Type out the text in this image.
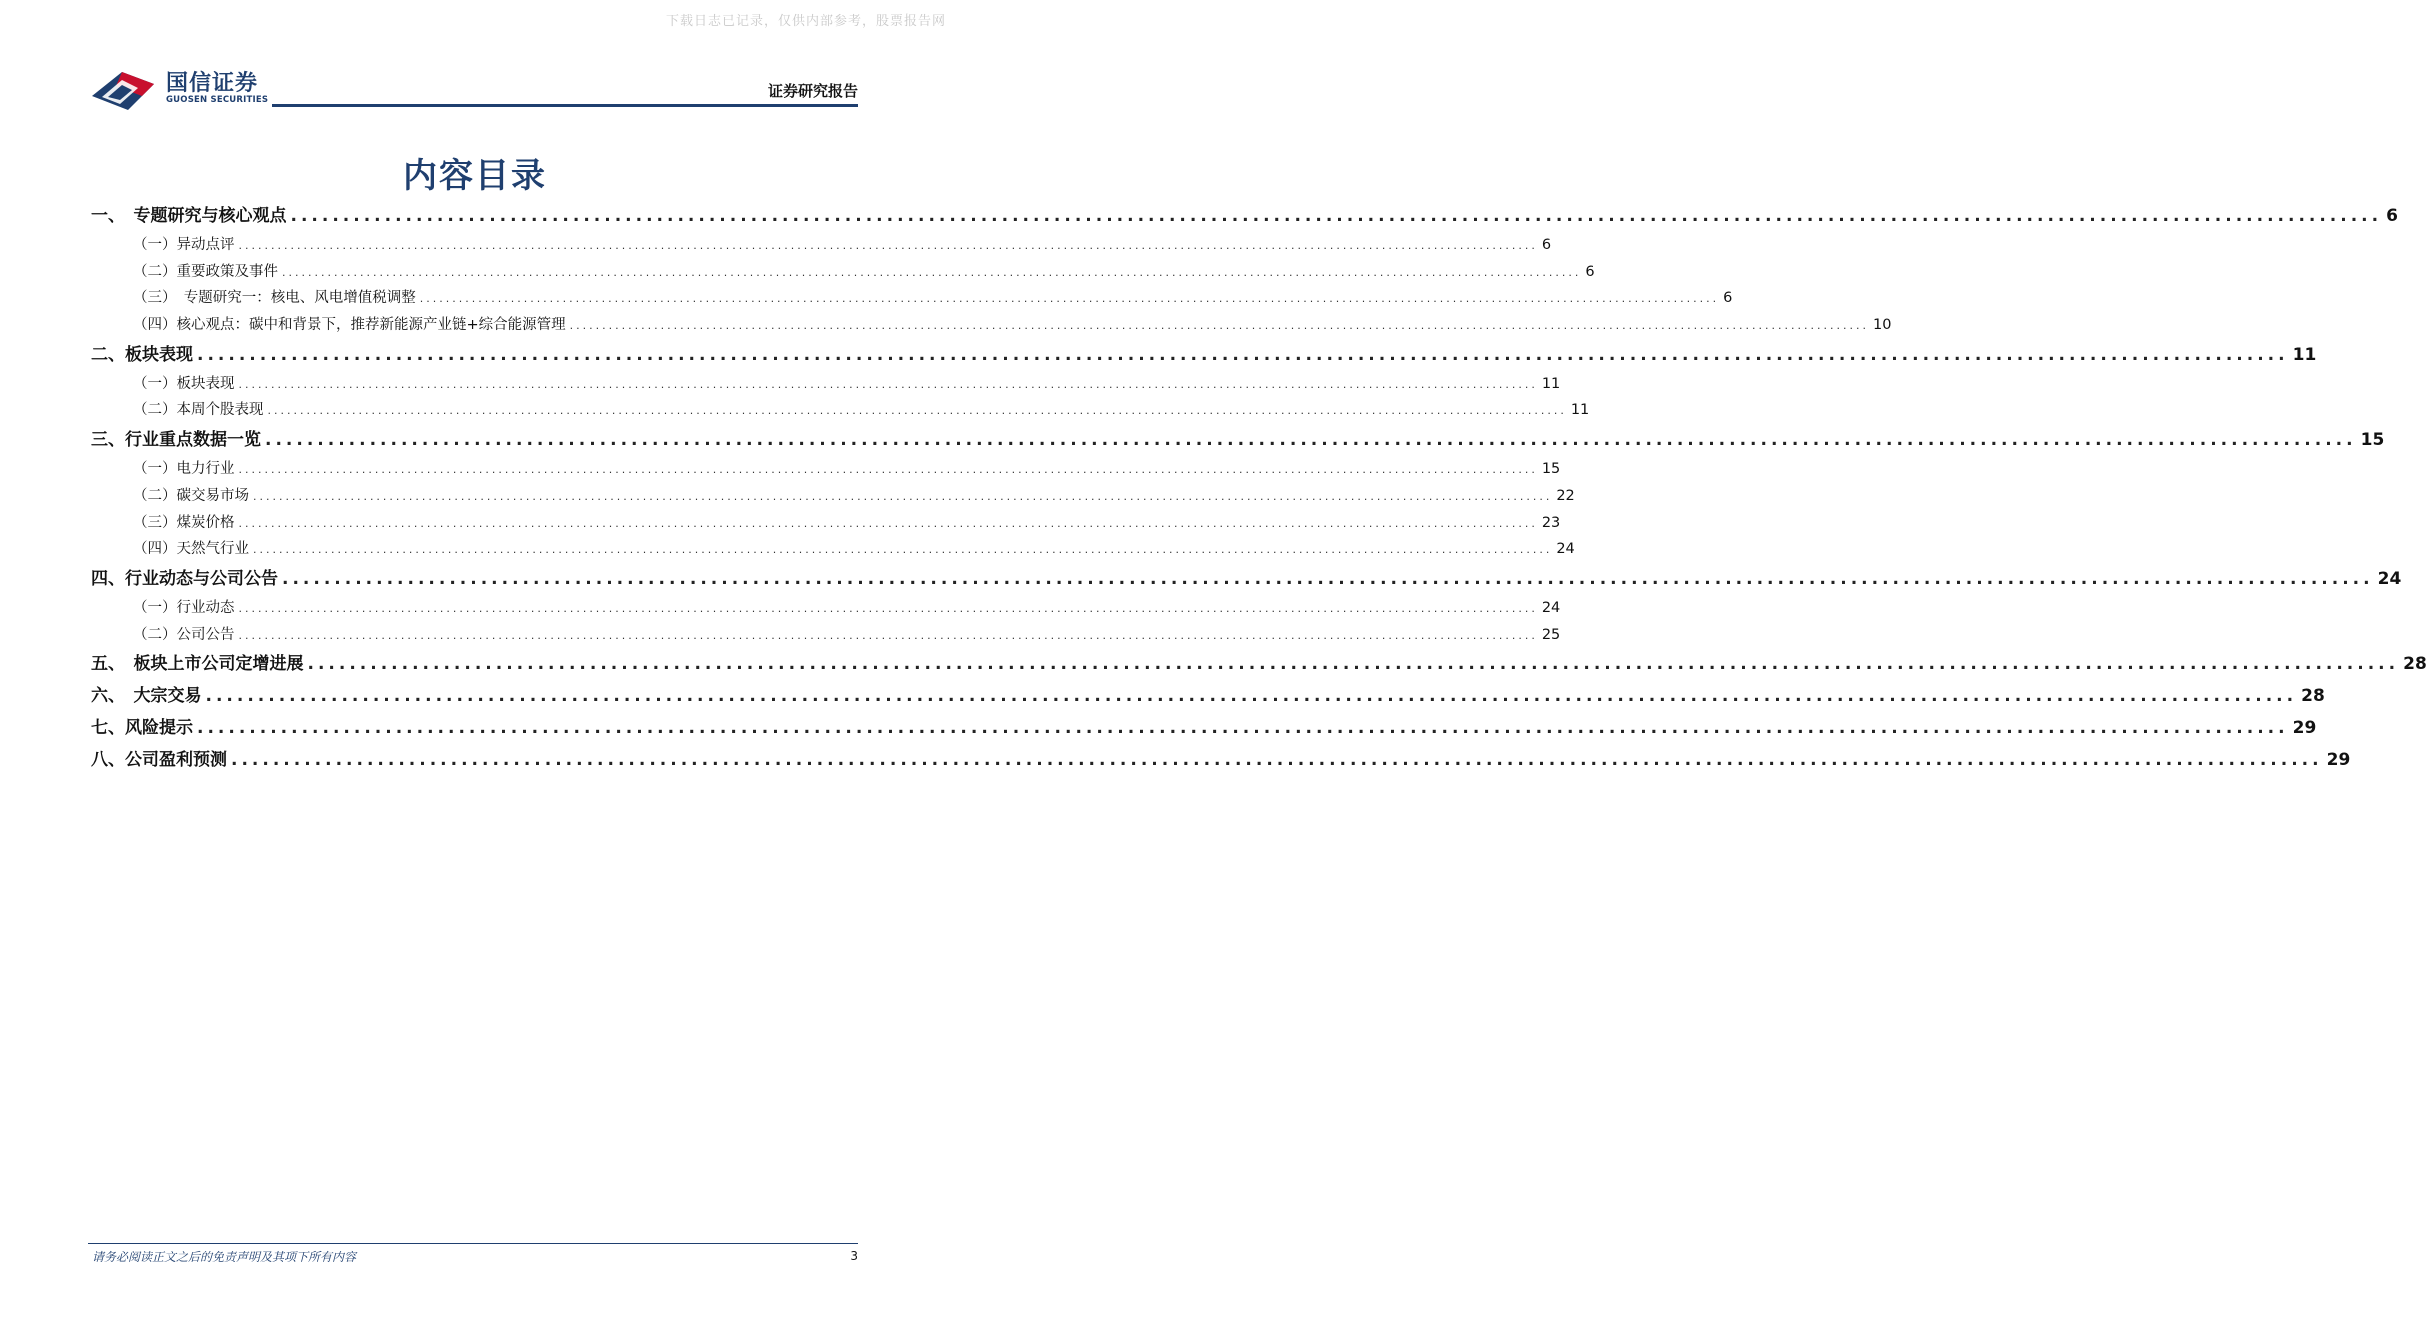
下载日志已记录，仅供内部参考，股票报告网
国信证券
GUOSEN SECURITIES	证券研究报告
内容目录
一、　专题研究与核心观点 ........................................................................................................................................................................................................ 6
（一）异动点评 ........................................................................................................................................................................................................ 6
（二）重要政策及事件 ........................................................................................................................................................................................................ 6
（三）　专题研究一：核电、风电增值税调整 ........................................................................................................................................................................................................ 6
（四）核心观点：碳中和背景下，推荐新能源产业链+综合能源管理 ........................................................................................................................................................................................................ 10
二、板块表现 ........................................................................................................................................................................................................ 11
（一）板块表现 ........................................................................................................................................................................................................ 11
（二）本周个股表现 ........................................................................................................................................................................................................ 11
三、行业重点数据一览 ........................................................................................................................................................................................................ 15
（一）电力行业 ........................................................................................................................................................................................................ 15
（二）碳交易市场 ........................................................................................................................................................................................................ 22
（三）煤炭价格 ........................................................................................................................................................................................................ 23
（四）天然气行业 ........................................................................................................................................................................................................ 24
四、行业动态与公司公告 ........................................................................................................................................................................................................ 24
（一）行业动态 ........................................................................................................................................................................................................ 24
（二）公司公告 ........................................................................................................................................................................................................ 25
五、　板块上市公司定增进展 ........................................................................................................................................................................................................ 28
六、　大宗交易 ........................................................................................................................................................................................................ 28
七、风险提示 ........................................................................................................................................................................................................ 29
八、公司盈利预测 ........................................................................................................................................................................................................ 29
请务必阅读正文之后的免责声明及其项下所有内容	3
